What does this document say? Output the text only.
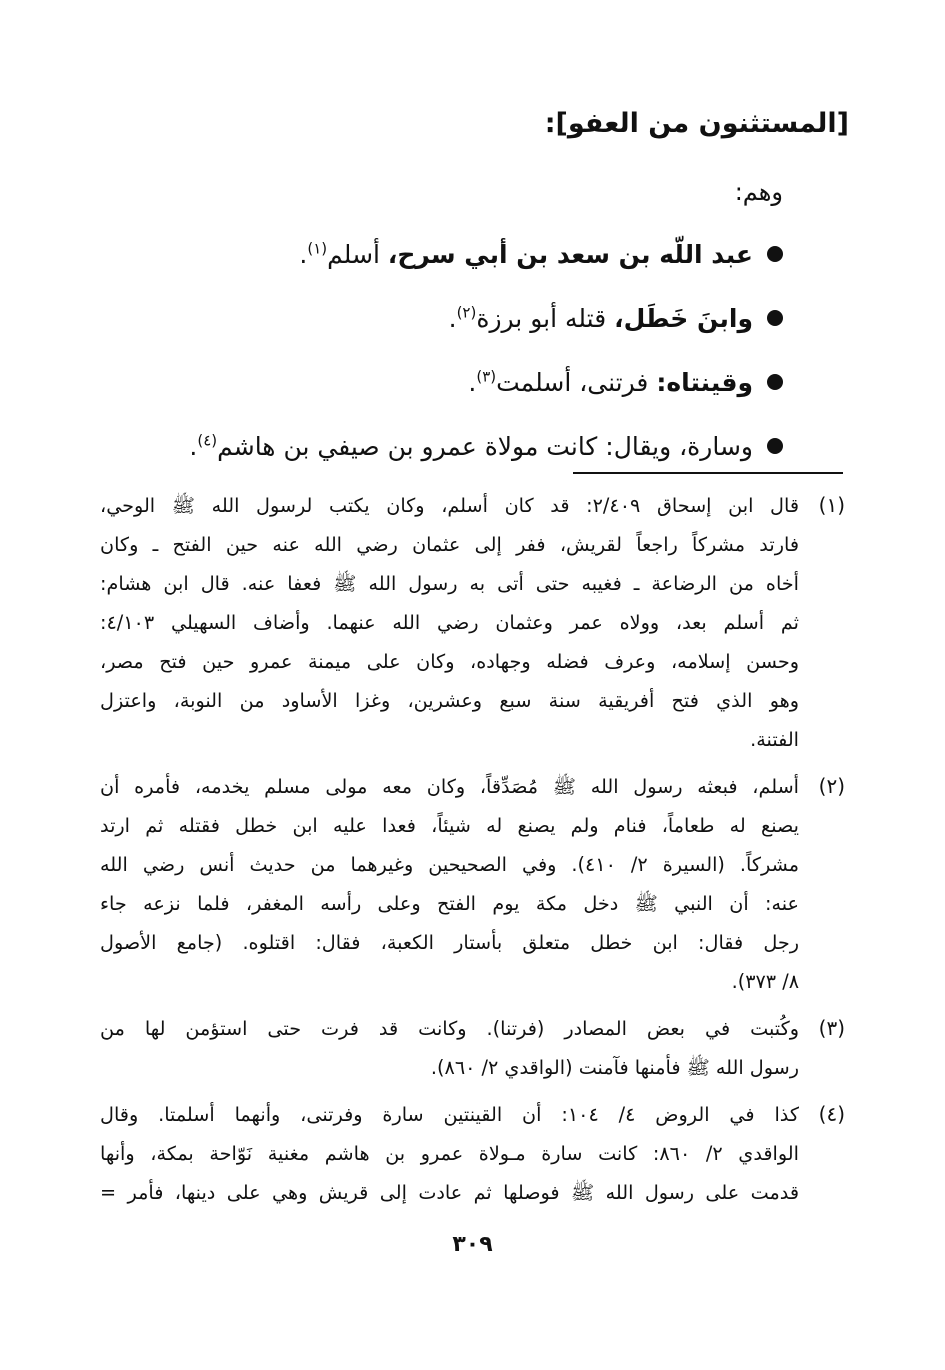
[المستثنون من العفو]:
وهم:
عبد اللّه بن سعد بن أبي سرح، أسلم$^{(١)}$.
وابنَ خَطَل، قتله أبو برزة$^{(٢)}$.
وقينتاه: فرتنى، أسلمت$^{(٣)}$.
وسارة، ويقال: كانت مولاة عمرو بن صيفي بن هاشم$^{(٤)}$.
(١)
قال ابن إسحاق ٢/٤٠٩: قد كان أسلم، وكان يكتب لرسول الله ﷺ الوحي،
فارتد مشركاً راجعاً لقريش، ففر إلى عثمان رضي الله عنه حين الفتح ـ وكان
أخاه من الرضاعة ـ فغيبه حتى أتى به رسول الله ﷺ فعفا عنه. قال ابن هشام:
ثم أسلم بعد، وولاه عمر وعثمان رضي الله عنهما. وأضاف السهيلي ٤/١٠٣:
وحسن إسلامه، وعرف فضله وجهاده، وكان على ميمنة عمرو حين فتح مصر،
وهو الذي فتح أفريقية سنة سبع وعشرين، وغزا الأساود من النوبة، واعتزل
الفتنة.
(٢)
أسلم، فبعثه رسول الله ﷺ مُصَدِّقاً، وكان معه مولى مسلم يخدمه، فأمره أن
يصنع له طعاماً، فنام ولم يصنع له شيئاً، فعدا عليه ابن خطل فقتله ثم ارتد
مشركاً. (السيرة ٢/ ٤١٠). وفي الصحيحين وغيرهما من حديث أنس رضي الله
عنه: أن النبي ﷺ دخل مكة يوم الفتح وعلى رأسه المغفر، فلما نزعه جاء
رجل فقال: ابن خطل متعلق بأستار الكعبة، فقال: اقتلوه. (جامع الأصول
٨/ ٣٧٣).
(٣)
وكُتبت في بعض المصادر (فرتنا). وكانت قد فرت حتى استؤمن لها من
رسول الله ﷺ فأمنها فآمنت (الواقدي ٢/ ٨٦٠).
(٤)
كذا في الروض ٤/ ١٠٤: أن القينتين سارة وفرتنى، وأنهما أسلمتا. وقال
الواقدي ٢/ ٨٦٠: كانت سارة مـولاة عمرو بن هاشم مغنية نَوّاحة بمكة، وأنها
قدمت على رسول الله ﷺ فوصلها ثم عادت إلى قريش وهي على دينها، فأمر =
٣٠٩
